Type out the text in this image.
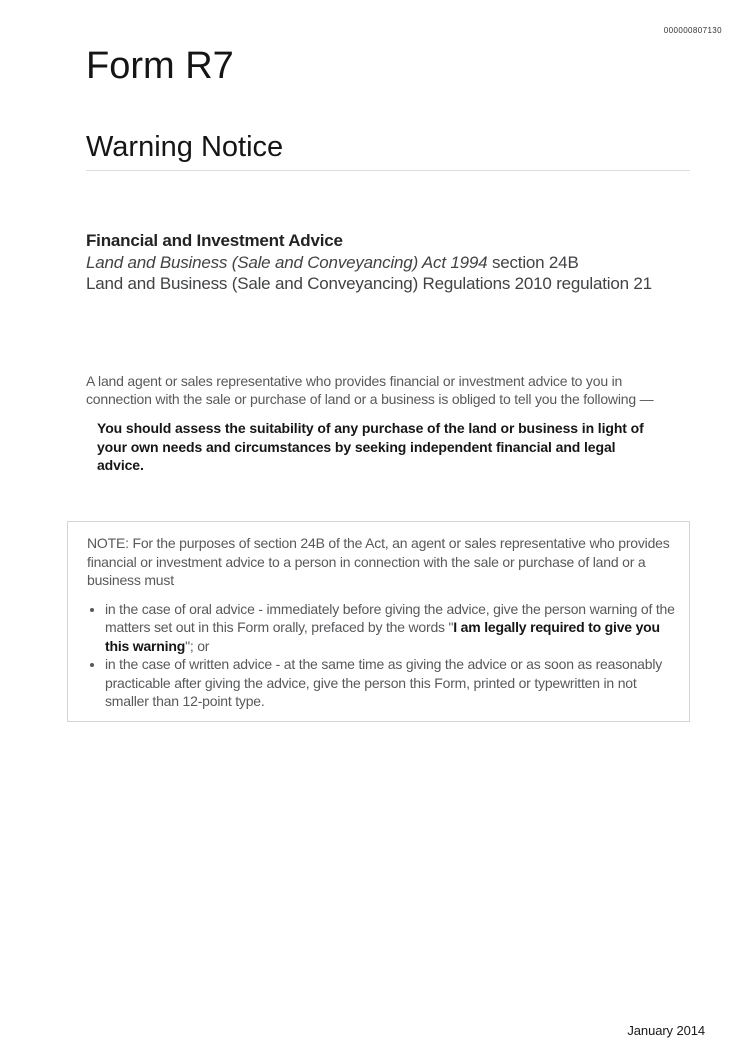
000000807130
Form R7
Warning Notice
Financial and Investment Advice
Land and Business (Sale and Conveyancing) Act 1994 section 24B
Land and Business (Sale and Conveyancing) Regulations 2010 regulation 21

A land agent or sales representative who provides financial or investment advice to you in connection with the sale or purchase of land or a business is obliged to tell you the following —

You should assess the suitability of any purchase of the land or business in light of your own needs and circumstances by seeking independent financial and legal advice.

NOTE: For the purposes of section 24B of the Act, an agent or sales representative who provides financial or investment advice to a person in connection with the sale or purchase of land or a business must

• in the case of oral advice - immediately before giving the advice, give the person warning of the matters set out in this Form orally, prefaced by the words "I am legally required to give you this warning"; or
• in the case of written advice - at the same time as giving the advice or as soon as reasonably practicable after giving the advice, give the person this Form, printed or typewritten in not smaller than 12-point type.
January 2014
